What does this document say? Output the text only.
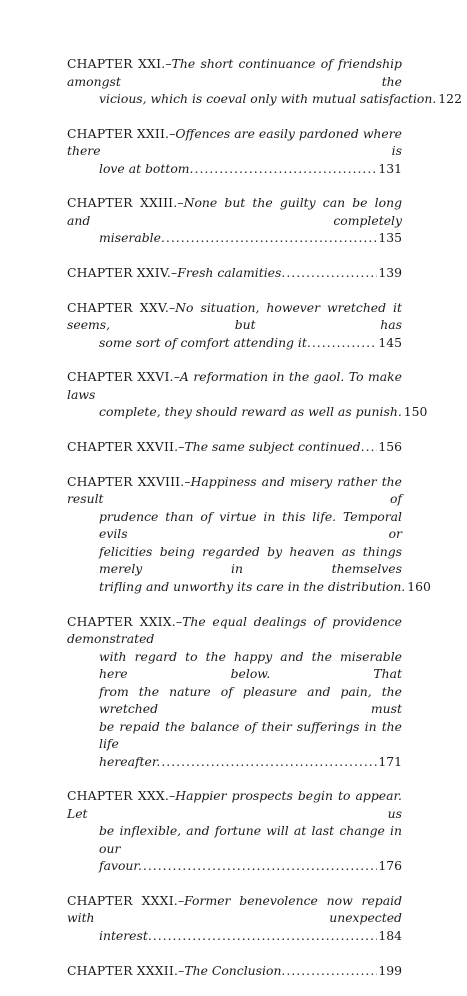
CHAPTER XXI.–The short continuance of friendship amongst the
vicious, which is coeval only with mutual satisfaction. 122
CHAPTER XXII.–Offences are easily pardoned where there is
love at bottom. .....	131
CHAPTER XXIII.–None but the guilty can be long and completely
miserable. .....	135
CHAPTER XXIV. – Fresh calamities. .....	139
CHAPTER XXV.–No situation, however wretched it seems, but has
some sort of comfort attending it. .....	145
CHAPTER XXVI.–A reformation in the gaol. To make laws
complete, they should reward as well as punish. 150
CHAPTER XXVII. – The same subject continued. ..... 156
CHAPTER XXVIII.–Happiness and misery rather the result of
prudence than of virtue in this life. Temporal evils or
felicities being regarded by heaven as things merely in themselves
trifling and unworthy its care in the distribution. 160
CHAPTER XXIX.–The equal dealings of providence demonstrated
with regard to the happy and the miserable here below. That
from the nature of pleasure and pain, the wretched must
be repaid the balance of their sufferings in the life
hereafter. .....	171
CHAPTER XXX.–Happier prospects begin to appear. Let us
be inflexible, and fortune will at last change in our
favour. .....	176
CHAPTER XXXI.–Former benevolence now repaid with unexpected
interest. .....	184
CHAPTER XXXII. – The Conclusion. .....	199
